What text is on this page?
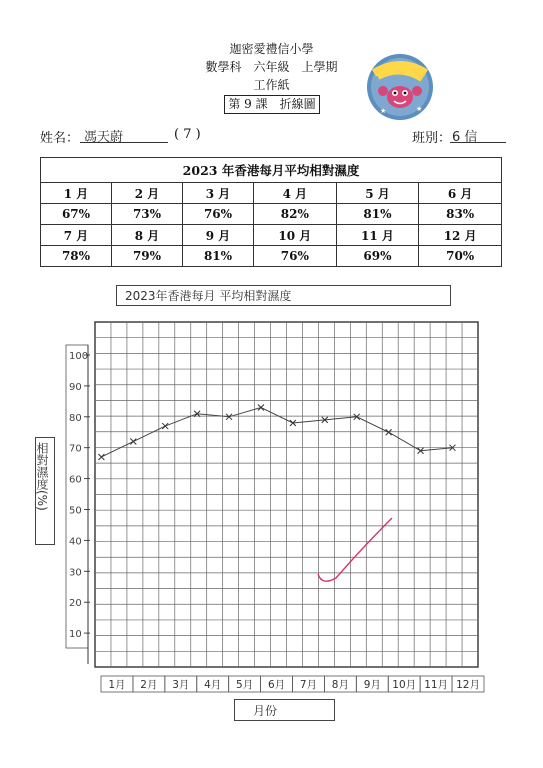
迦密愛禮信小學
數學科　六年級　上學期
工作紙
第 9 課　折線圖	★	★
姓名： 馮天蔚	( 7 )	班別： 6 信
2023 年香港每月平均相對濕度					
1 月	2 月	3 月	4 月	5 月	6 月
67%	73%	76%	82%	81%	83%
7 月	8 月	9 月	10 月	11 月	12 月
78%	79%	81%	76%	69%	70%
2023年香港每月 平均相對濕度
相對濕度(%)
月份
10
20
30
40
50
60
70
80
90
100
1月 2月 3月 4月 5月 6月 7月 8月 9月 10月 11月 12月
